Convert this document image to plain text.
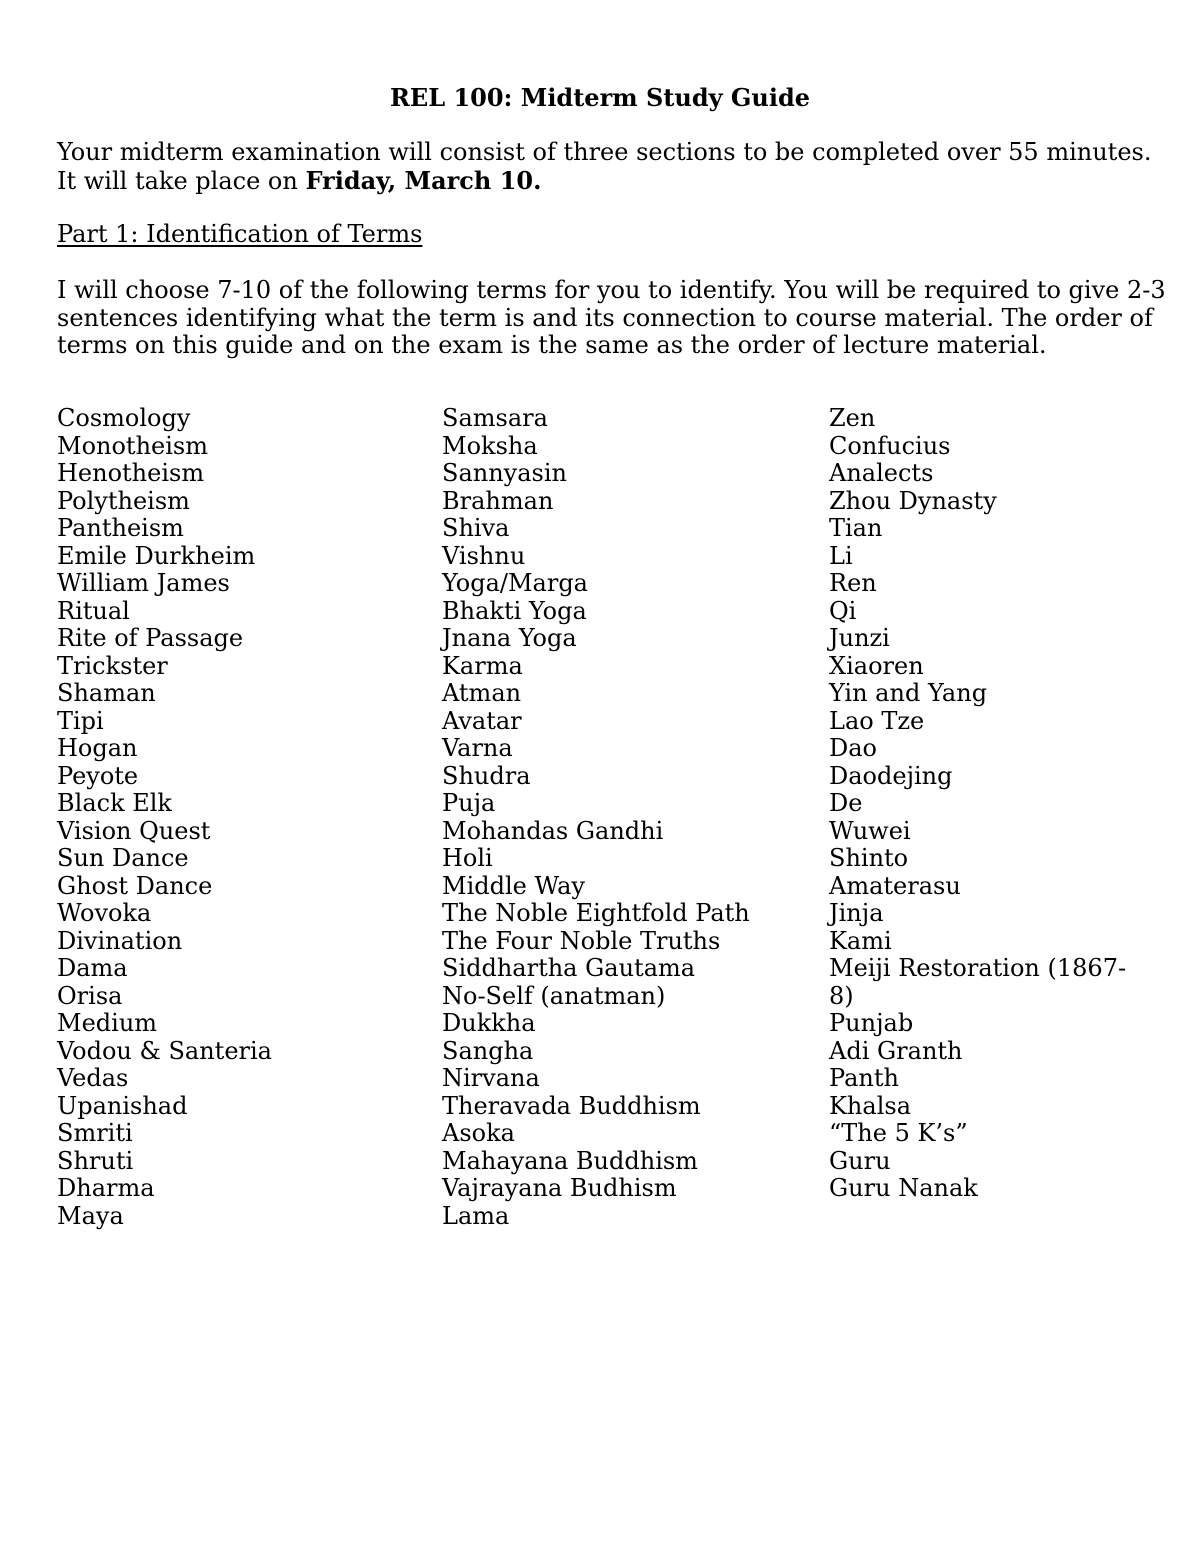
REL 100: Midterm Study Guide
Your midterm examination will consist of three sections to be completed over 55 minutes.
It will take place on Friday, March 10.
Part 1: Identification of Terms

I will choose 7-10 of the following terms for you to identify. You will be required to give 2-3 sentences identifying what the term is and its connection to course material. The order of terms on this guide and on the exam is the same as the order of lecture material.

Cosmology
Monotheism
Henotheism
Polytheism
Pantheism
Emile Durkheim
William James
Ritual
Rite of Passage
Trickster
Shaman
Tipi
Hogan
Peyote
Black Elk
Vision Quest
Sun Dance
Ghost Dance
Wovoka
Divination
Dama
Orisa
Medium
Vodou & Santeria
Vedas
Upanishad
Smriti
Shruti
Dharma
Maya
Samsara
Moksha
Sannyasin
Brahman
Shiva
Vishnu
Yoga/Marga
Bhakti Yoga
Jnana Yoga
Karma
Atman
Avatar
Varna
Shudra
Puja
Mohandas Gandhi
Holi
Middle Way
The Noble Eightfold Path
The Four Noble Truths
Siddhartha Gautama
No-Self (anatman)
Dukkha
Sangha
Nirvana
Theravada Buddhism
Asoka
Mahayana Buddhism
Vajrayana Budhism
Lama
Zen
Confucius
Analects
Zhou Dynasty
Tian
Li
Ren
Qi
Junzi
Xiaoren
Yin and Yang
Lao Tze
Dao
Daodejing
De
Wuwei
Shinto
Amaterasu
Jinja
Kami
Meiji Restoration (1867-
8)
Punjab
Adi Granth
Panth
Khalsa
“The 5 K’s”
Guru
Guru Nanak
